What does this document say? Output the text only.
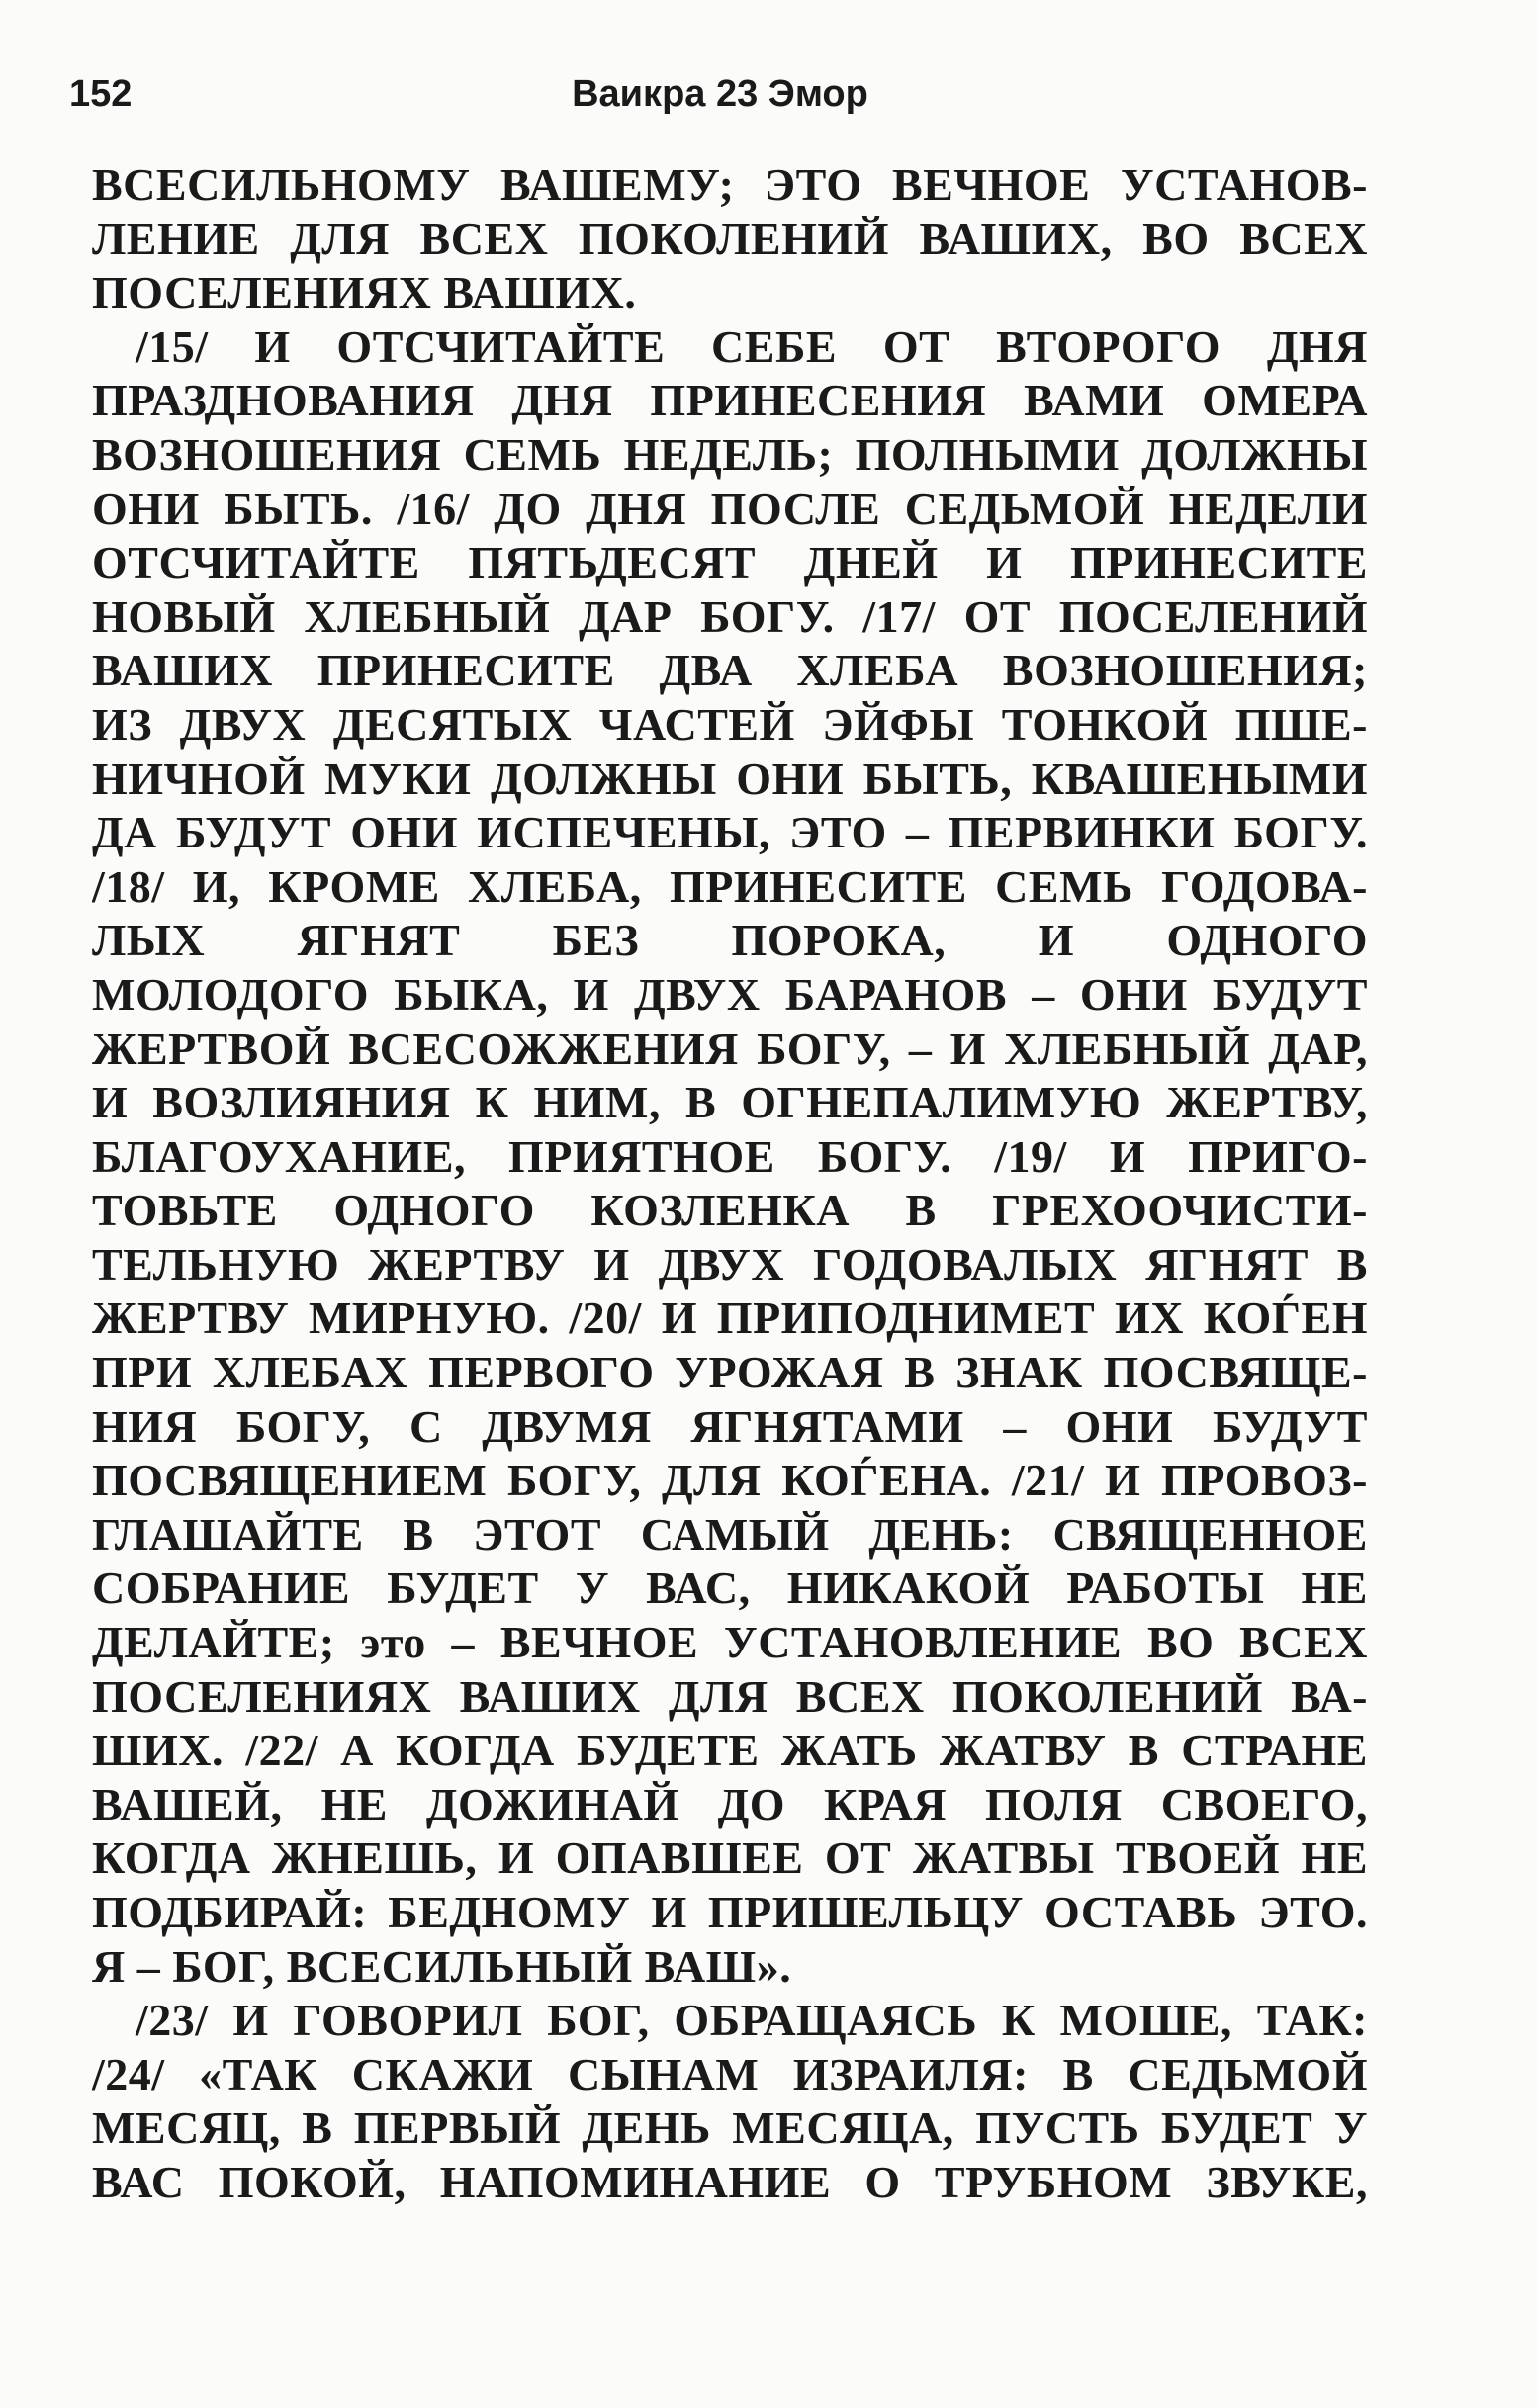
152	Ваикра 23 Эмор
ВСЕСИЛЬНОМУ ВАШЕМУ; ЭТО ВЕЧНОЕ УСТАНОВ-
ЛЕНИЕ ДЛЯ ВСЕХ ПОКОЛЕНИЙ ВАШИХ, ВО ВСЕХ
ПОСЕЛЕНИЯХ ВАШИХ.
/15/ И ОТСЧИТАЙТЕ СЕБЕ ОТ ВТОРОГО ДНЯ
ПРАЗДНОВАНИЯ ДНЯ ПРИНЕСЕНИЯ ВАМИ ОМЕРА
ВОЗНОШЕНИЯ СЕМЬ НЕДЕЛЬ; ПОЛНЫМИ ДОЛЖНЫ
ОНИ БЫТЬ. /16/ ДО ДНЯ ПОСЛЕ СЕДЬМОЙ НЕДЕЛИ
ОТСЧИТАЙТЕ ПЯТЬДЕСЯТ ДНЕЙ И ПРИНЕСИТЕ
НОВЫЙ ХЛЕБНЫЙ ДАР БОГУ. /17/ ОТ ПОСЕЛЕНИЙ
ВАШИХ ПРИНЕСИТЕ ДВА ХЛЕБА ВОЗНОШЕНИЯ;
ИЗ ДВУХ ДЕСЯТЫХ ЧАСТЕЙ ЭЙФЫ ТОНКОЙ ПШЕ-
НИЧНОЙ МУКИ ДОЛЖНЫ ОНИ БЫТЬ, КВАШЕНЫМИ
ДА БУДУТ ОНИ ИСПЕЧЕНЫ, ЭТО – ПЕРВИНКИ БОГУ.
/18/ И, КРОМЕ ХЛЕБА, ПРИНЕСИТЕ СЕМЬ ГОДОВА-
ЛЫХ ЯГНЯТ БЕЗ ПОРОКА, И ОДНОГО
МОЛОДОГО БЫКА, И ДВУХ БАРАНОВ – ОНИ БУДУТ
ЖЕРТВОЙ ВСЕСОЖЖЕНИЯ БОГУ, – И ХЛЕБНЫЙ ДАР,
И ВОЗЛИЯНИЯ К НИМ, В ОГНЕПАЛИМУЮ ЖЕРТВУ,
БЛАГОУХАНИЕ, ПРИЯТНОЕ БОГУ. /19/ И ПРИГО-
ТОВЬТЕ ОДНОГО КОЗЛЕНКА В ГРЕХООЧИСТИ-
ТЕЛЬНУЮ ЖЕРТВУ И ДВУХ ГОДОВАЛЫХ ЯГНЯТ В
ЖЕРТВУ МИРНУЮ. /20/ И ПРИПОДНИМЕТ ИХ КОЃЕН
ПРИ ХЛЕБАХ ПЕРВОГО УРОЖАЯ В ЗНАК ПОСВЯЩЕ-
НИЯ БОГУ, С ДВУМЯ ЯГНЯТАМИ – ОНИ БУДУТ
ПОСВЯЩЕНИЕМ БОГУ, ДЛЯ КОЃЕНА. /21/ И ПРОВОЗ-
ГЛАШАЙТЕ В ЭТОТ САМЫЙ ДЕНЬ: СВЯЩЕННОЕ
СОБРАНИЕ БУДЕТ У ВАС, НИКАКОЙ РАБОТЫ НЕ
ДЕЛАЙТЕ; это – ВЕЧНОЕ УСТАНОВЛЕНИЕ ВО ВСЕХ
ПОСЕЛЕНИЯХ ВАШИХ ДЛЯ ВСЕХ ПОКОЛЕНИЙ ВА-
ШИХ. /22/ А КОГДА БУДЕТЕ ЖАТЬ ЖАТВУ В СТРАНЕ
ВАШЕЙ, НЕ ДОЖИНАЙ ДО КРАЯ ПОЛЯ СВОЕГО,
КОГДА ЖНЕШЬ, И ОПАВШЕЕ ОТ ЖАТВЫ ТВОЕЙ НЕ
ПОДБИРАЙ: БЕДНОМУ И ПРИШЕЛЬЦУ ОСТАВЬ ЭТО.
Я – БОГ, ВСЕСИЛЬНЫЙ ВАШ».
/23/ И ГОВОРИЛ БОГ, ОБРАЩАЯСЬ К МОШЕ, ТАК:
/24/ «ТАК СКАЖИ СЫНАМ ИЗРАИЛЯ: В СЕДЬМОЙ
МЕСЯЦ, В ПЕРВЫЙ ДЕНЬ МЕСЯЦА, ПУСТЬ БУДЕТ У
ВАС ПОКОЙ, НАПОМИНАНИЕ О ТРУБНОМ ЗВУКЕ,
